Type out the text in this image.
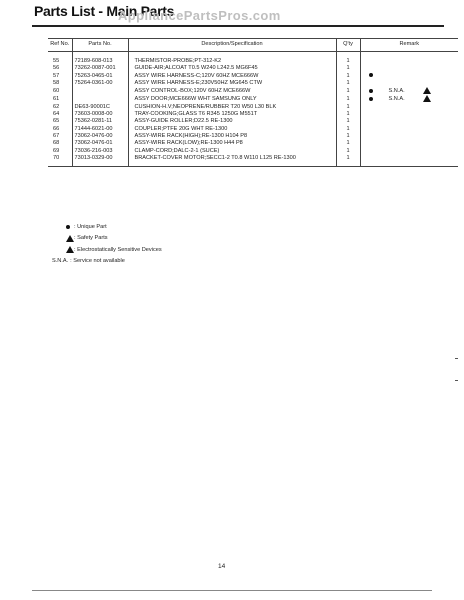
Parts List - Main Parts
AppliancePartsPros.com
Ref No.	Parts No.	Description/Specification	Q'ty	Remark

55	72189-608-013	THERMISTOR-PROBE;PT-312-K2	1	
56	73262-0087-001	GUIDE-AIR;ALCOAT T0.5 W240 L242.5 MG6F45	1	
57	75263-0465-01	ASSY WIRE HARNESS-C;120V 60HZ MCE666W	1	
58	75264-0361-00	ASSY WIRE HARNESS-E;230V50HZ MG645 CTW	1	
60		ASSY CONTROL-BOX;120V 60HZ MCE666W	1	S.N.A.
61		ASSY DOOR;MCE666W WHT SAMSUNG ONLY	1	S.N.A.
62	DE63-90001C	CUSHION-H.V;NEOPRENE/RUBBER T20 W50 L30 BLK	1	
64	73603-0008-00	TRAY-COOKING;GLASS T6 R345 1250G M551T	1	
65	75362-0281-11	ASSY-GUIDE ROLLER;D22.5 RE-1300	1	
66	71444-6021-00	COUPLER;PTFE 20G WHT RE-1300	1	
67	73062-0476-00	ASSY-WIRE RACK(HIGH);RE-1300 H104 P8	1	
68	73062-0476-01	ASSY-WIRE RACK(LOW);RE-1300 H44 P8	1	
69	73036-216-003	CLAMP-CORD;DALC-2-1 (SUCE)	1	
70	73013-0329-00	BRACKET-COVER MOTOR;SECC1-2 T0.8 W110 L125 RE-1300	1	

: Unique Part
: Safety Parts
: Electrostatically Sensitive Devices
S.N.A. : Service not available
14
